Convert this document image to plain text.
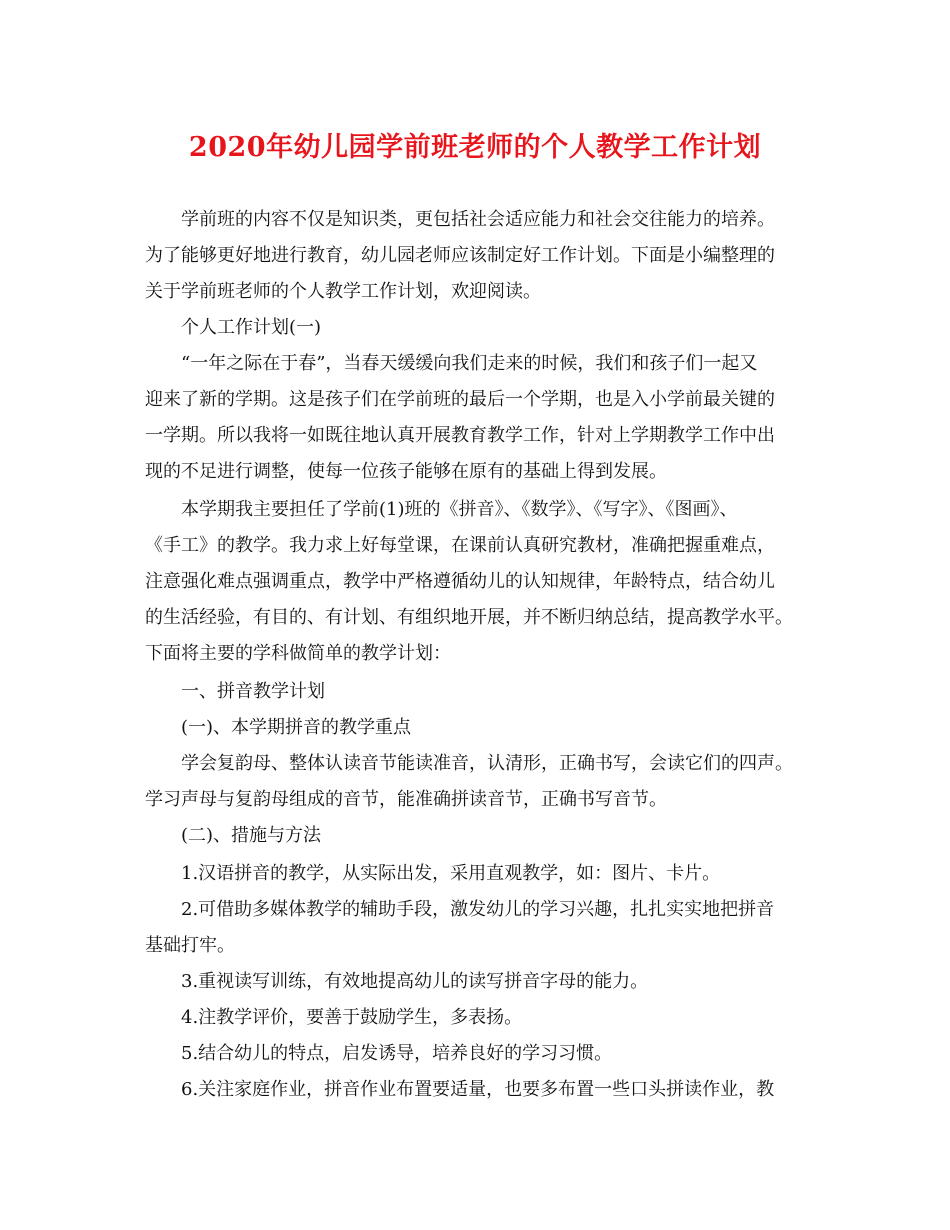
2020年幼儿园学前班老师的个人教学工作计划
学前班的内容不仅是知识类，更包括社会适应能力和社会交往能力的培养。
为了能够更好地进行教育，幼儿园老师应该制定好工作计划。下面是小编整理的
关于学前班老师的个人教学工作计划，欢迎阅读。
个人工作计划(一)
“一年之际在于春”，当春天缓缓向我们走来的时候，我们和孩子们一起又
迎来了新的学期。这是孩子们在学前班的最后一个学期，也是入小学前最关键的
一学期。所以我将一如既往地认真开展教育教学工作，针对上学期教学工作中出
现的不足进行调整，使每一位孩子能够在原有的基础上得到发展。
本学期我主要担任了学前(1)班的《拼音》、《数学》、《写字》、《图画》、
《手工》的教学。我力求上好每堂课，在课前认真研究教材，准确把握重难点，
注意强化难点强调重点，教学中严格遵循幼儿的认知规律，年龄特点，结合幼儿
的生活经验，有目的、有计划、有组织地开展，并不断归纳总结，提高教学水平。
下面将主要的学科做简单的教学计划：
一、拼音教学计划
(一)、本学期拼音的教学重点
学会复韵母、整体认读音节能读准音，认清形，正确书写，会读它们的四声。
学习声母与复韵母组成的音节，能准确拼读音节，正确书写音节。
(二)、措施与方法
1.汉语拼音的教学，从实际出发，采用直观教学，如：图片、卡片。
2.可借助多媒体教学的辅助手段，激发幼儿的学习兴趣，扎扎实实地把拼音
基础打牢。
3.重视读写训练，有效地提高幼儿的读写拼音字母的能力。
4.注教学评价，要善于鼓励学生，多表扬。
5.结合幼儿的特点，启发诱导，培养良好的学习习惯。
6.关注家庭作业，拼音作业布置要适量，也要多布置一些口头拼读作业，教
